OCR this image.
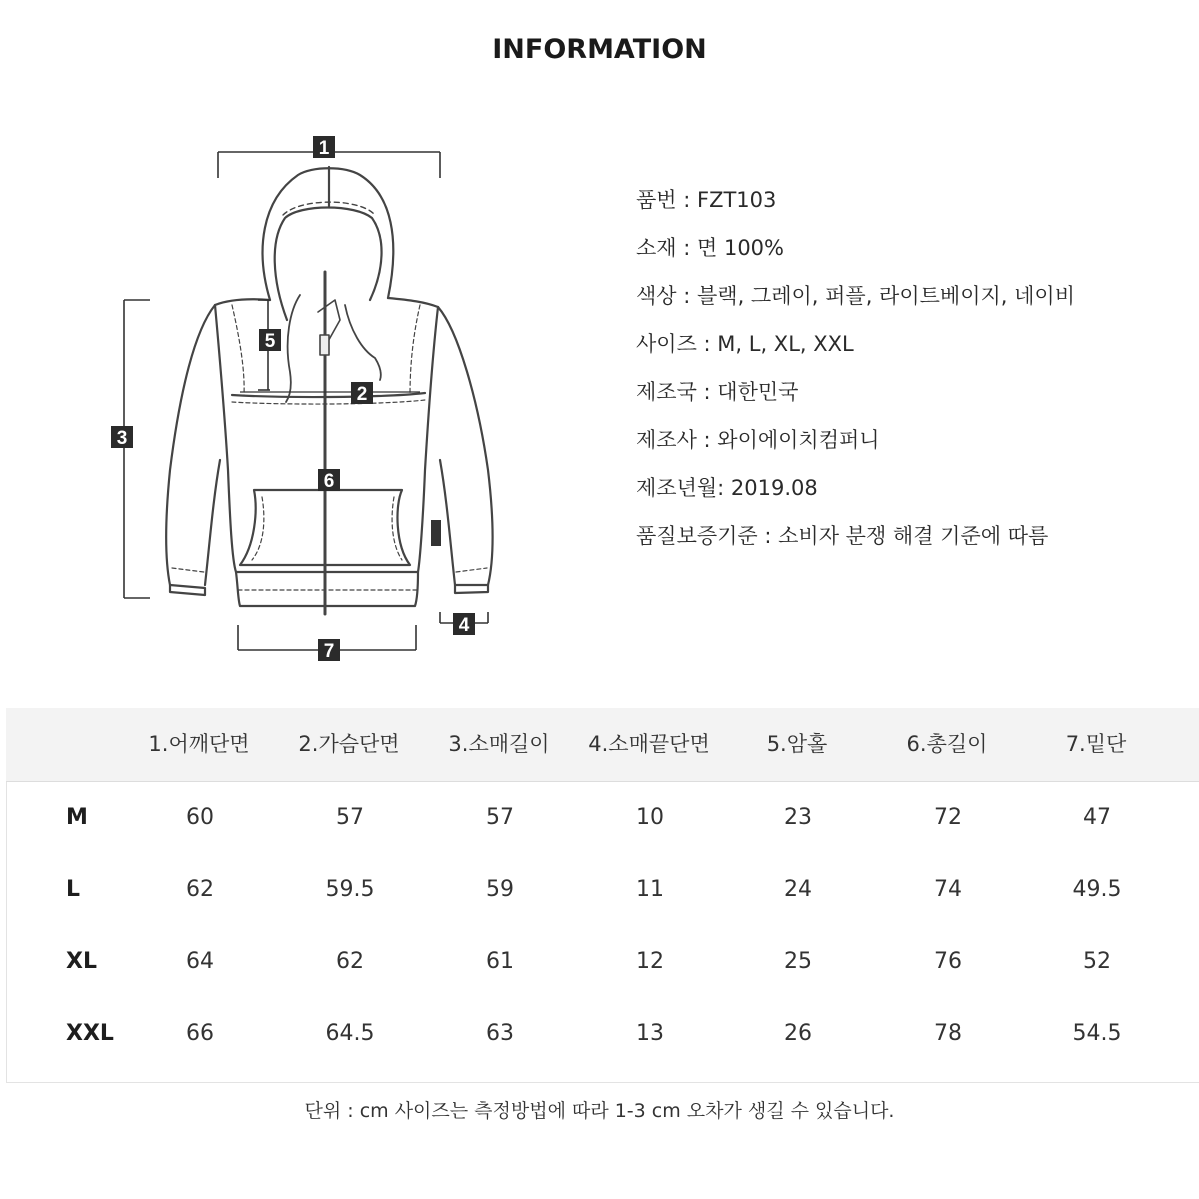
INFORMATION
1
2
3
4
5
6
7
품번 : FZT103
소재 : 면 100%
색상 : 블랙, 그레이, 퍼플, 라이트베이지, 네이비
사이즈 : M, L, XL, XXL
제조국 : 대한민국
제조사 : 와이에이치컴퍼니
제조년월: 2019.08
품질보증기준 : 소비자 분쟁 해결 기준에 따름
1.어깨단면	2.가슴단면	3.소매길이	4.소매끝단면	5.암홀	6.총길이	7.밑단
M	60	57	57	10	23	72	47
L	62	59.5	59	11	24	74	49.5
XL	64	62	61	12	25	76	52
XXL	66	64.5	63	13	26	78	54.5
단위 : cm 사이즈는 측정방법에 따라 1-3 cm 오차가 생길 수 있습니다.
